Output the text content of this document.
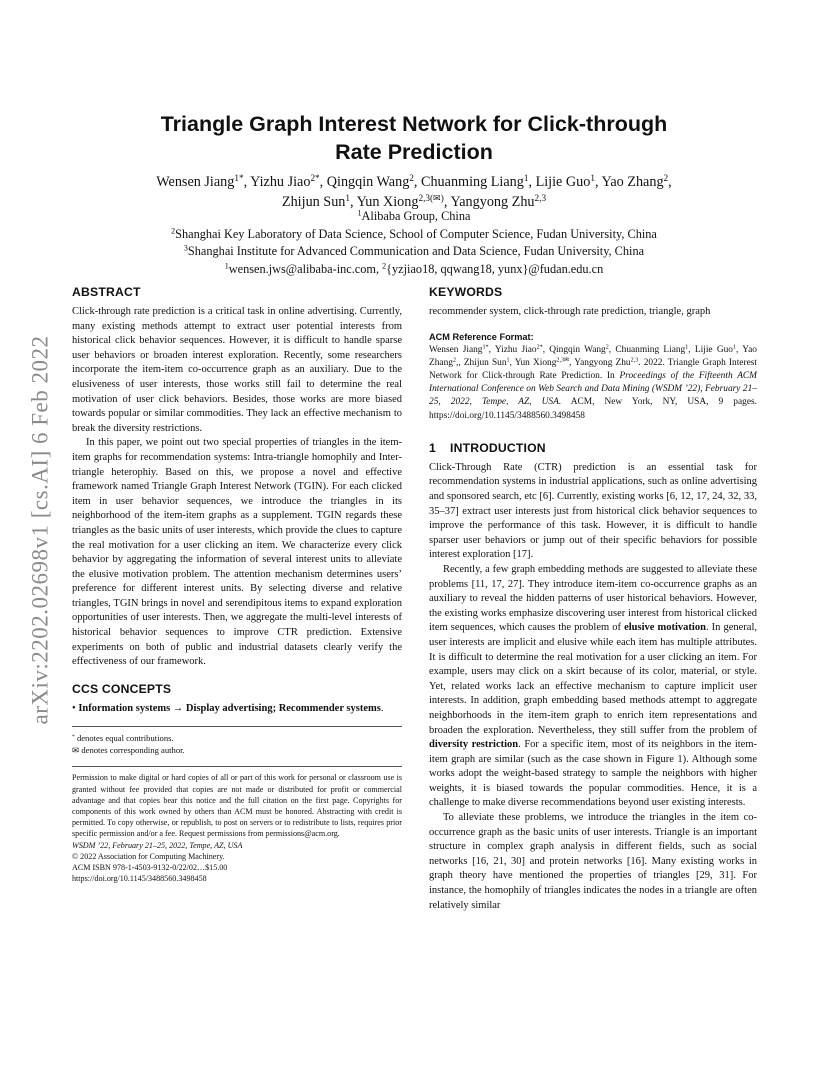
arXiv:2202.02698v1 [cs.AI] 6 Feb 2022
Triangle Graph Interest Network for Click-through
Rate Prediction
Wensen Jiang$^{1*}$, Yizhu Jiao$^{2*}$, Qingqin Wang$^2$, Chuanming Liang$^1$, Lijie Guo$^1$, Yao Zhang$^2$,
Zhijun Sun$^1$, Yun Xiong$^{2,3(✉)}$, Yangyong Zhu$^{2,3}$
$^1$Alibaba Group, China
$^2$Shanghai Key Laboratory of Data Science, School of Computer Science, Fudan University, China
$^3$Shanghai Institute for Advanced Communication and Data Science, Fudan University, China
$^1$wensen.jws@alibaba-inc.com, $^2${yzjiao18, qqwang18, yunx}@fudan.edu.cn
ABSTRACT

Click-through rate prediction is a critical task in online advertising. Currently, many existing methods attempt to extract user potential interests from historical click behavior sequences. However, it is difficult to handle sparse user behaviors or broaden interest exploration. Recently, some researchers incorporate the item-item co-occurrence graph as an auxiliary. Due to the elusiveness of user interests, those works still fail to determine the real motivation of user click behaviors. Besides, those works are more biased towards popular or similar commodities. They lack an effective mechanism to break the diversity restrictions.

In this paper, we point out two special properties of triangles in the item-item graphs for recommendation systems: Intra-triangle homophily and Inter-triangle heterophiy. Based on this, we propose a novel and effective framework named Triangle Graph Interest Network (TGIN). For each clicked item in user behavior sequences, we introduce the triangles in its neighborhood of the item-item graphs as a supplement. TGIN regards these triangles as the basic units of user interests, which provide the clues to capture the real motivation for a user clicking an item. We characterize every click behavior by aggregating the information of several interest units to alleviate the elusive motivation problem. The attention mechanism determines users’ preference for different interest units. By selecting diverse and relative triangles, TGIN brings in novel and serendipitous items to expand exploration opportunities of user interests. Then, we aggregate the multi-level interests of historical behavior sequences to improve CTR prediction. Extensive experiments on both of public and industrial datasets clearly verify the effectiveness of our framework.

CCS CONCEPTS

• Information systems → Display advertising; Recommender systems.

* denotes equal contributions.
✉ denotes corresponding author.

Permission to make digital or hard copies of all or part of this work for personal or classroom use is granted without fee provided that copies are not made or distributed for profit or commercial advantage and that copies bear this notice and the full citation on the first page. Copyrights for components of this work owned by others than ACM must be honored. Abstracting with credit is permitted. To copy otherwise, or republish, to post on servers or to redistribute to lists, requires prior specific permission and/or a fee. Request permissions from permissions@acm.org.

WSDM ’22, February 21–25, 2022, Tempe, AZ, USA
© 2022 Association for Computing Machinery.
ACM ISBN 978-1-4503-9132-0/22/02…$15.00
https://doi.org/10.1145/3488560.3498458
KEYWORDS

recommender system, click-through rate prediction, triangle, graph

ACM Reference Format:

Wensen Jiang$^{1*}$, Yizhu Jiao$^{2*}$, Qingqin Wang$^2$, Chuanming Liang$^1$, Lijie Guo$^1$, Yao Zhang$^2$,, Zhijun Sun$^1$, Yun Xiong$^{2,3✉}$, Yangyong Zhu$^{2,3}$. 2022. Triangle Graph Interest Network for Click-through Rate Prediction. In Proceedings of the Fifteenth ACM International Conference on Web Search and Data Mining (WSDM ’22), February 21–25, 2022, Tempe, AZ, USA. ACM, New York, NY, USA, 9 pages. https://doi.org/10.1145/3488560.3498458

1 INTRODUCTION

Click-Through Rate (CTR) prediction is an essential task for recommendation systems in industrial applications, such as online advertising and sponsored search, etc [6]. Currently, existing works [6, 12, 17, 24, 32, 33, 35–37] extract user interests just from historical click behavior sequences to improve the performance of this task. However, it is difficult to handle sparser user behaviors or jump out of their specific behaviors for possible interest exploration [17].

Recently, a few graph embedding methods are suggested to alleviate these problems [11, 17, 27]. They introduce item-item co-occurrence graphs as an auxiliary to reveal the hidden patterns of user historical behaviors. However, the existing works emphasize discovering user interest from historical clicked item sequences, which causes the problem of elusive motivation. In general, user interests are implicit and elusive while each item has multiple attributes. It is difficult to determine the real motivation for a user clicking an item. For example, users may click on a skirt because of its color, material, or style. Yet, related works lack an effective mechanism to capture implicit user interests. In addition, graph embedding based methods attempt to aggregate neighborhoods in the item-item graph to enrich item representations and broaden the exploration. Nevertheless, they still suffer from the problem of diversity restriction. For a specific item, most of its neighbors in the item-item graph are similar (such as the case shown in Figure 1). Although some works adopt the weight-based strategy to sample the neighbors with higher weights, it is biased towards the popular commodities. Hence, it is a challenge to make diverse recommendations beyond user existing interests.

To alleviate these problems, we introduce the triangles in the item co-occurrence graph as the basic units of user interests. Triangle is an important structure in complex graph analysis in different fields, such as social networks [16, 21, 30] and protein networks [16]. Many existing works in graph theory have mentioned the properties of triangles [29, 31]. For instance, the homophily of triangles indicates the nodes in a triangle are often relatively similar
